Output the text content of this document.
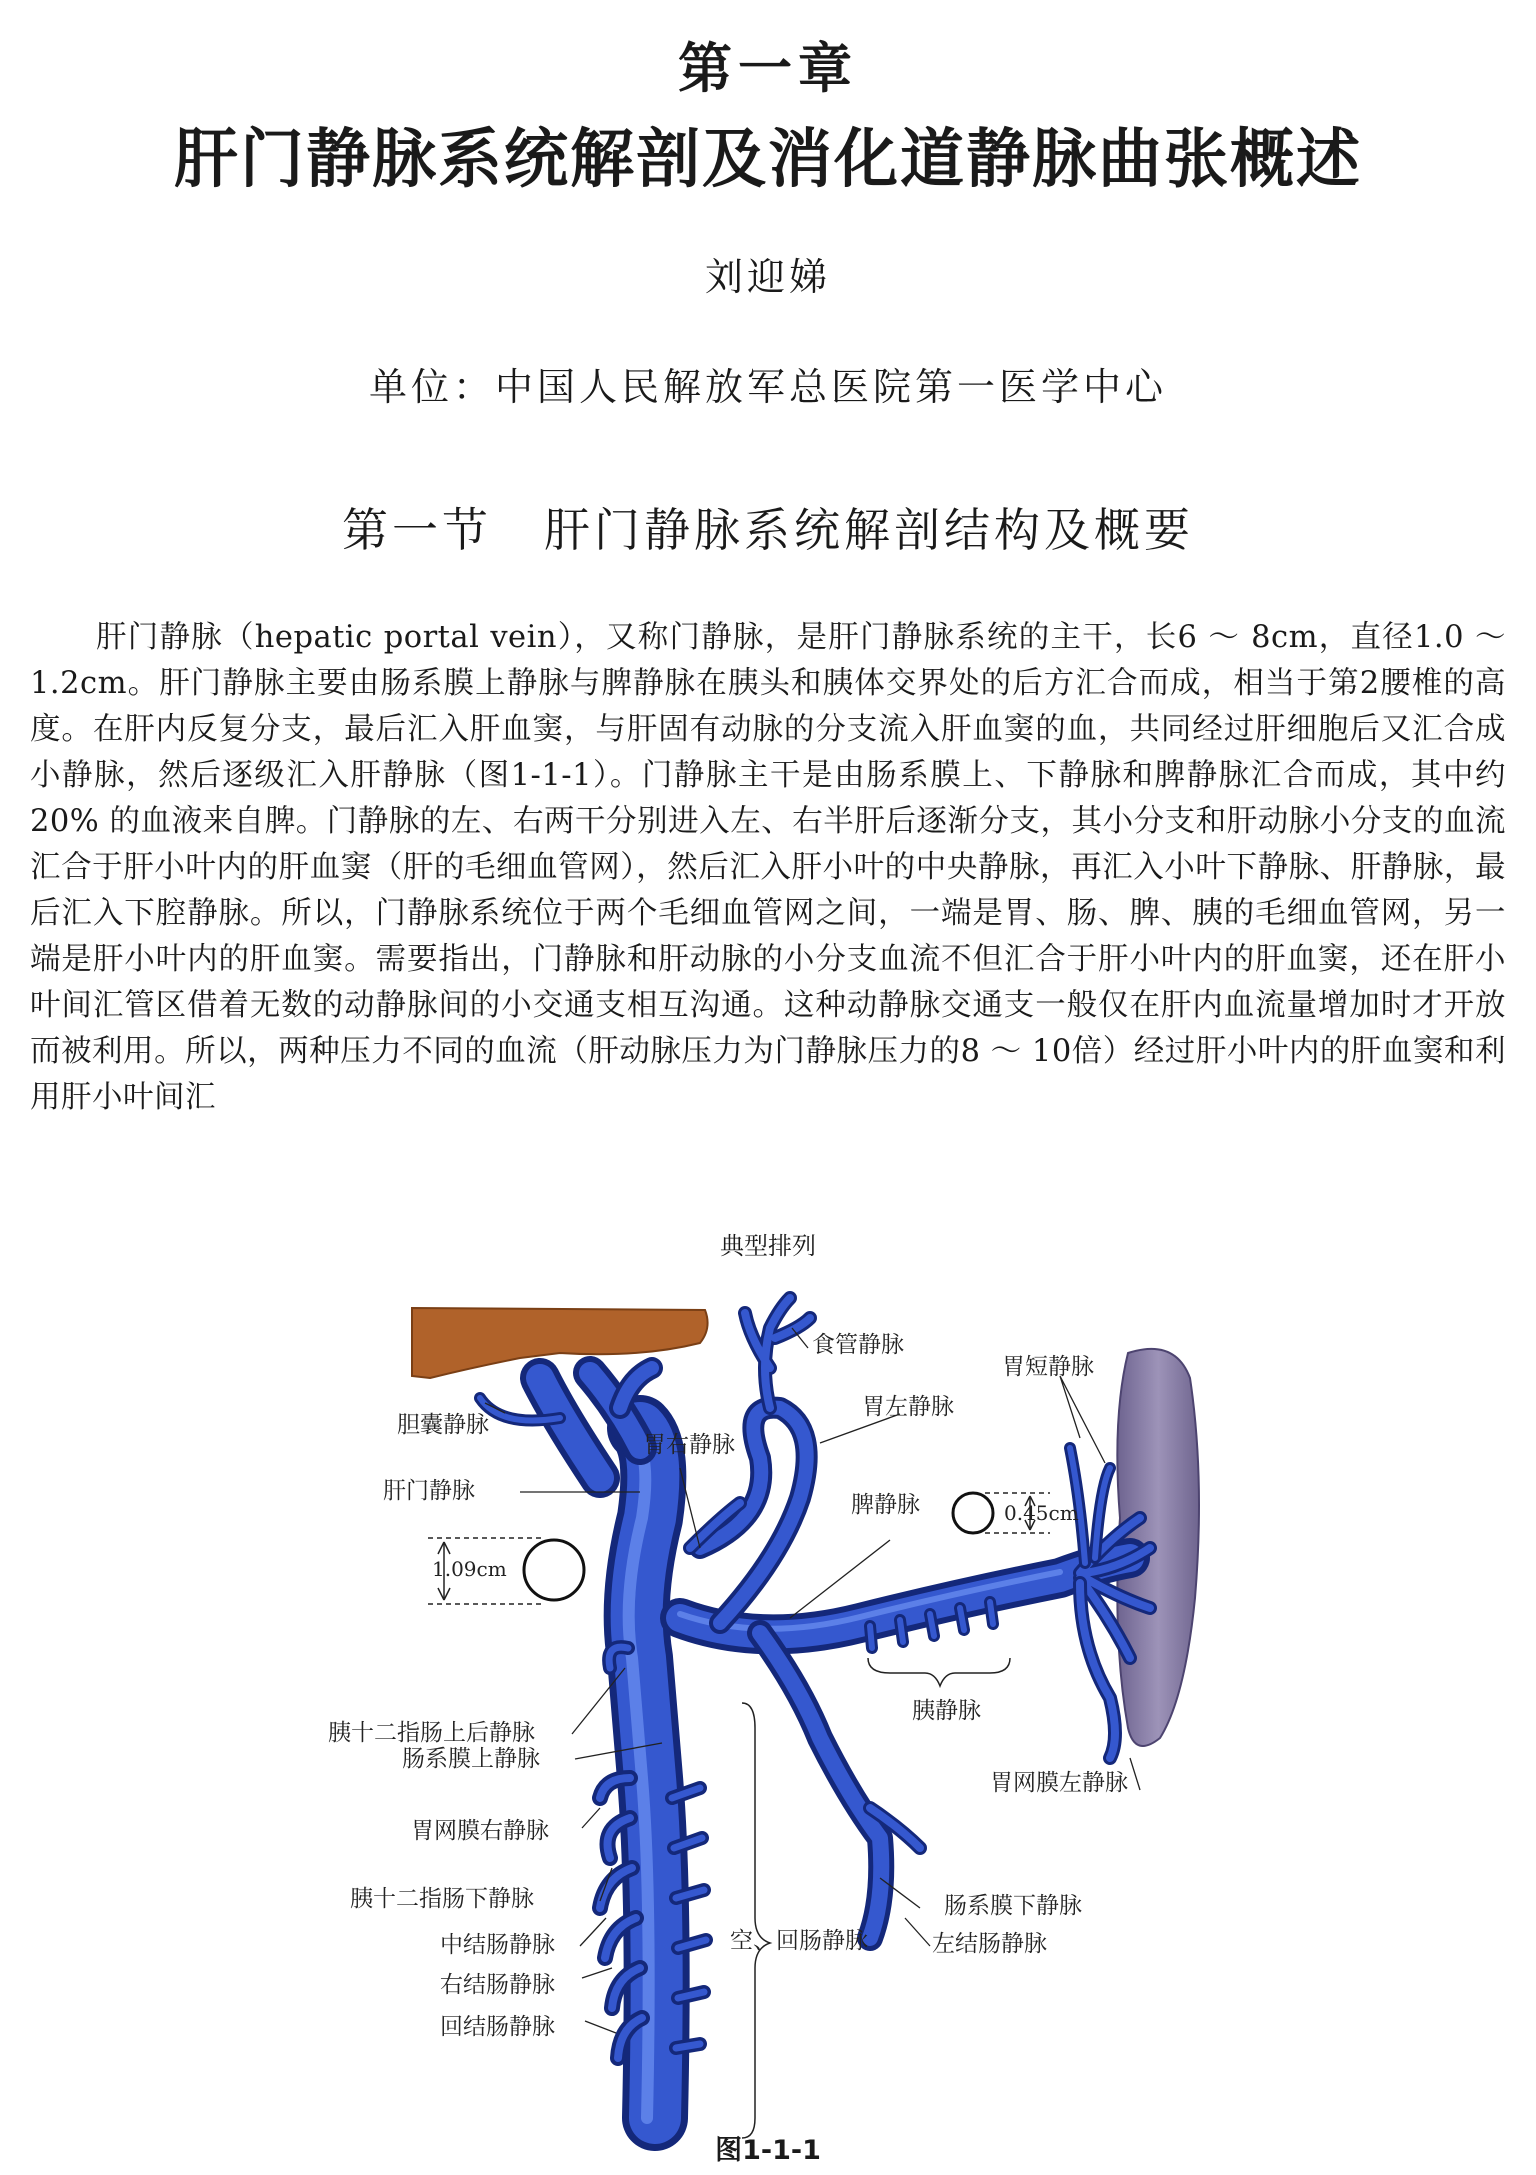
第一章
肝门静脉系统解剖及消化道静脉曲张概述
刘迎娣
单位：中国人民解放军总医院第一医学中心
第一节 肝门静脉系统解剖结构及概要
肝门静脉（hepatic portal vein），又称门静脉，是肝门静脉系统的主干，长6 ～ 8cm，直径1.0 ～ 1.2cm。肝门静脉主要由肠系膜上静脉与脾静脉在胰头和胰体交界处的后方汇合而成，相当于第2腰椎的高度。在肝内反复分支，最后汇入肝血窦，与肝固有动脉的分支流入肝血窦的血，共同经过肝细胞后又汇合成小静脉，然后逐级汇入肝静脉（图1-1-1）。门静脉主干是由肠系膜上、下静脉和脾静脉汇合而成，其中约20% 的血液来自脾。门静脉的左、右两干分别进入左、右半肝后逐渐分支，其小分支和肝动脉小分支的血流汇合于肝小叶内的肝血窦（肝的毛细血管网），然后汇入肝小叶的中央静脉，再汇入小叶下静脉、肝静脉，最后汇入下腔静脉。所以，门静脉系统位于两个毛细血管网之间，一端是胃、肠、脾、胰的毛细血管网，另一端是肝小叶内的肝血窦。需要指出，门静脉和肝动脉的小分支血流不但汇合于肝小叶内的肝血窦，还在肝小叶间汇管区借着无数的动静脉间的小交通支相互沟通。这种动静脉交通支一般仅在肝内血流量增加时才开放而被利用。所以，两种压力不同的血流（肝动脉压力为门静脉压力的8 ～ 10倍）经过肝小叶内的肝血窦和利用肝小叶间汇
典型排列
食管静脉
胃短静脉
胆囊静脉
胃左静脉
胃右静脉
肝门静脉
脾静脉
1.09cm
0.45cm
胰十二指肠上后静脉
肠系膜上静脉
胰静脉
胃网膜左静脉
胃网膜右静脉
肠系膜下静脉
左结肠静脉
胰十二指肠下静脉
中结肠静脉	空、回肠静脉
右结肠静脉
回结肠静脉
图1-1-1
